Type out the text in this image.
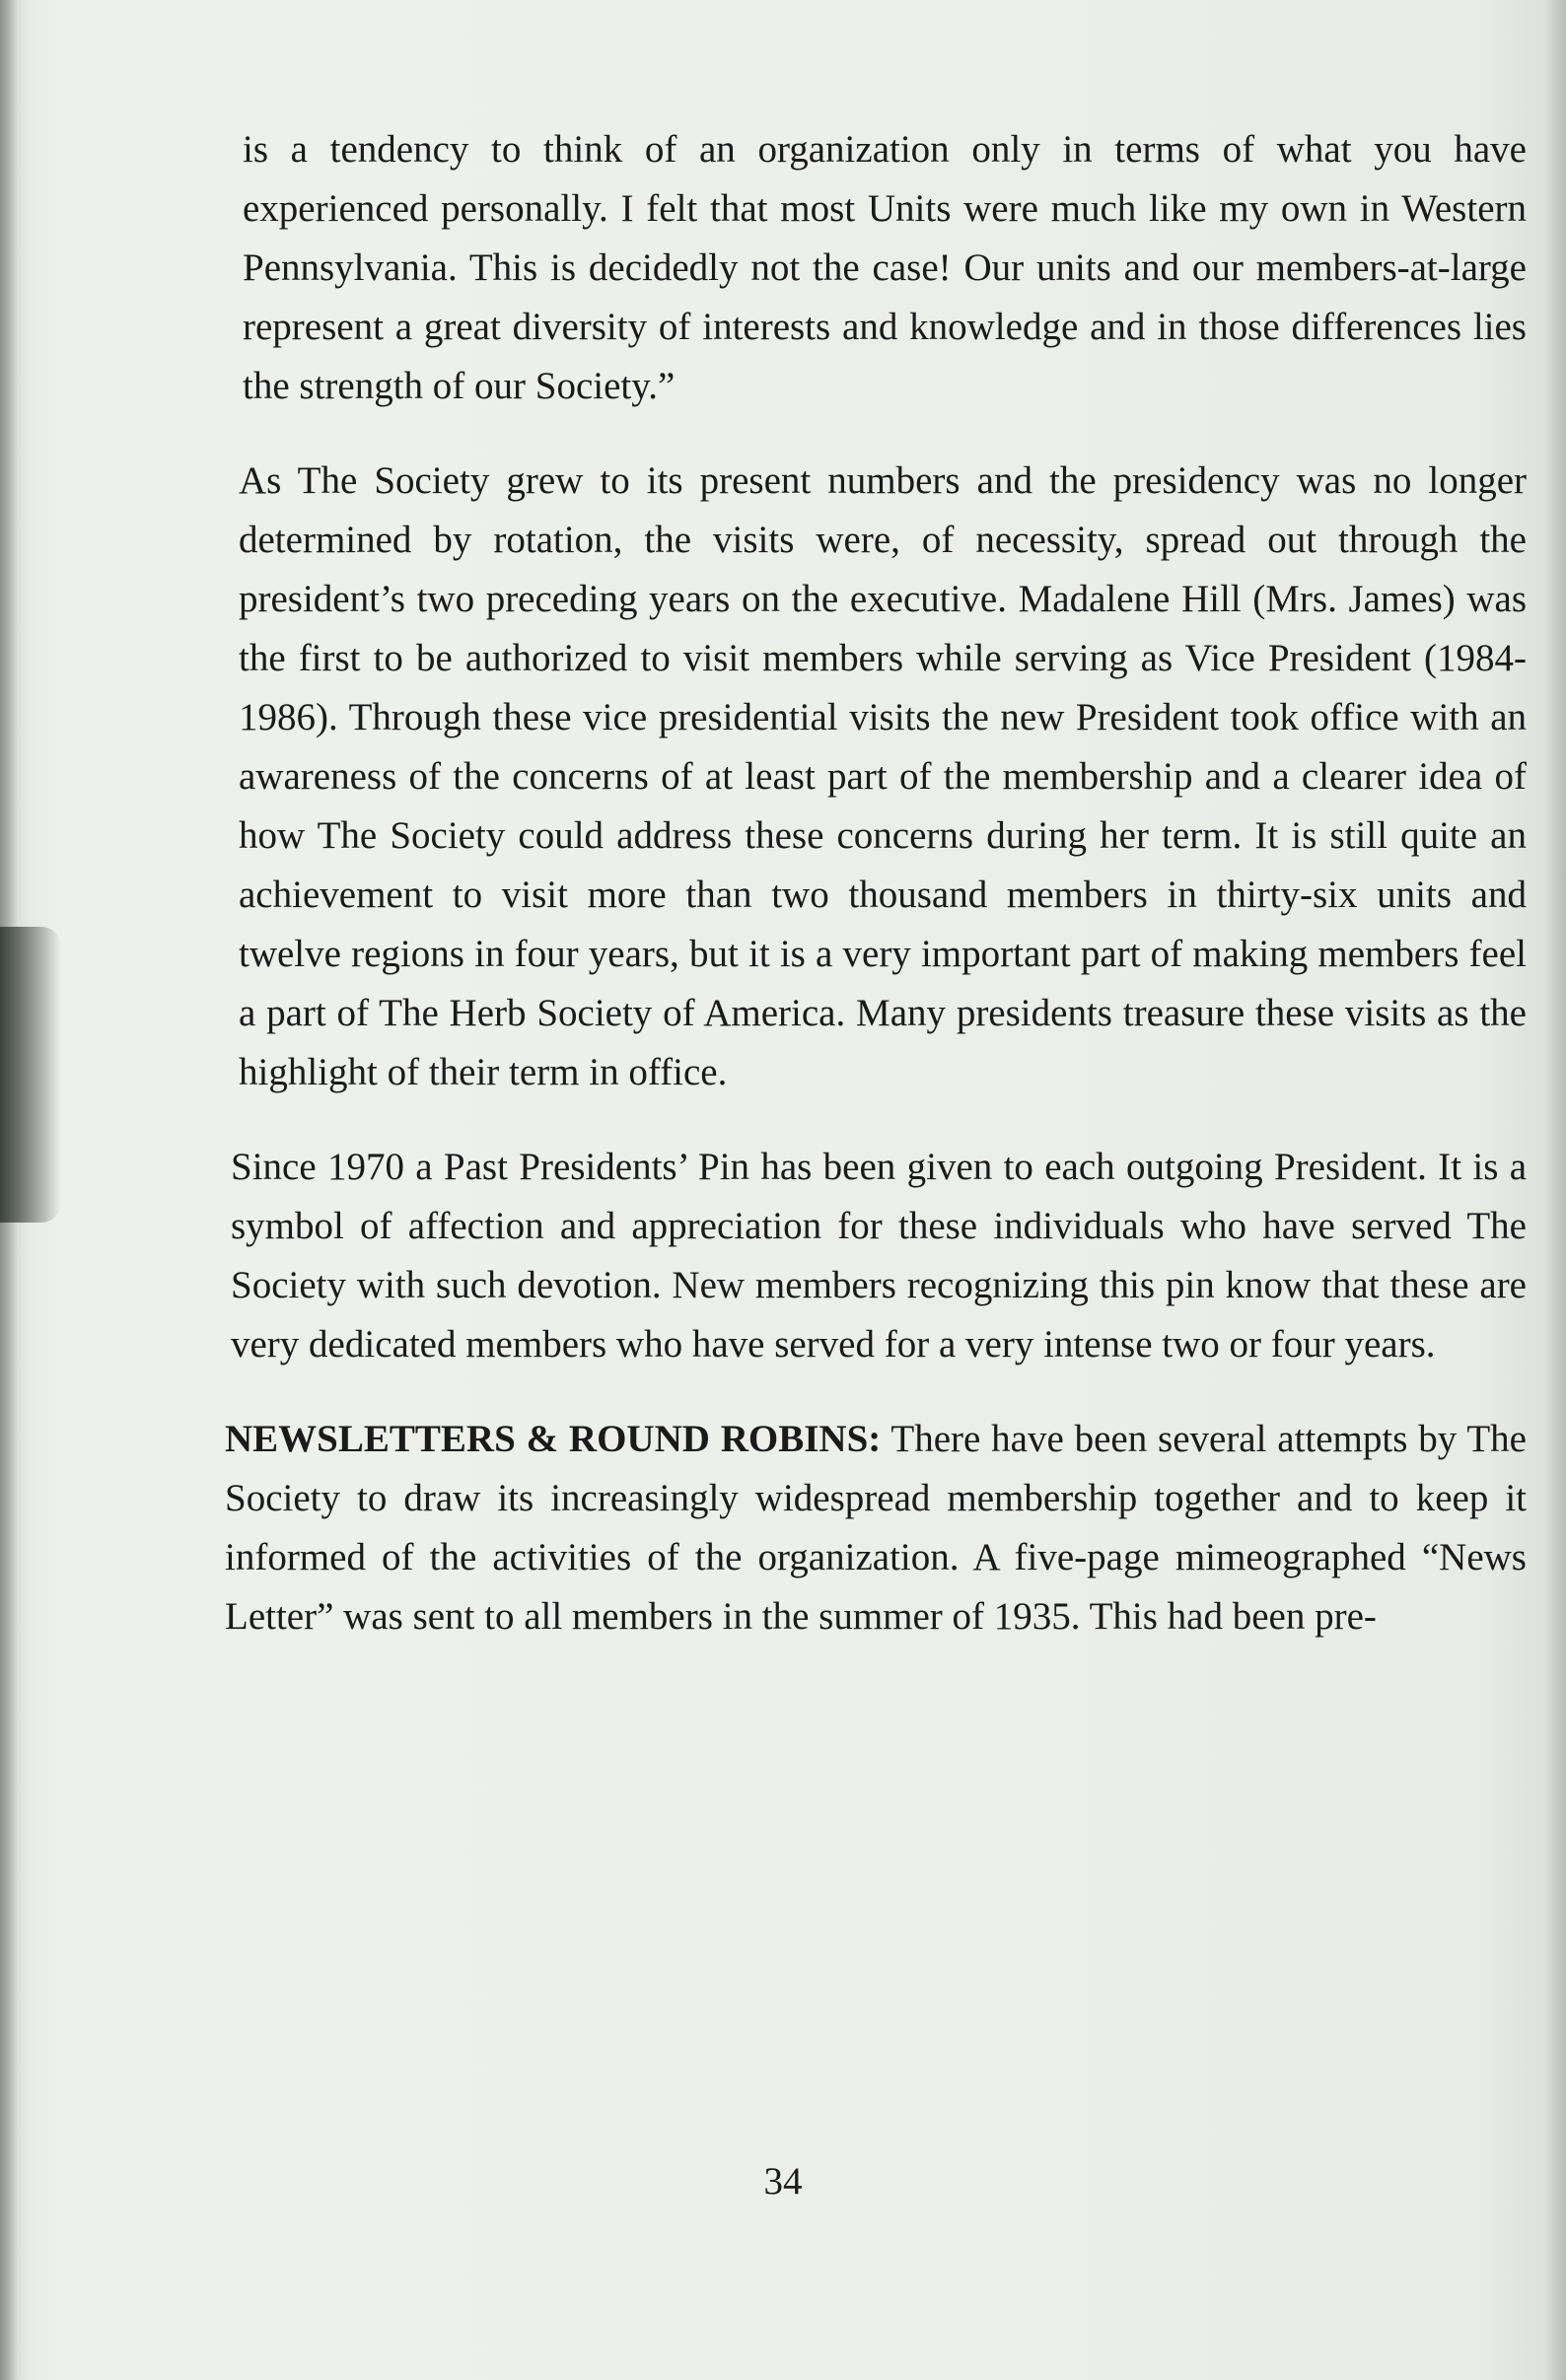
is a tendency to think of an organization only in terms of what you have experienced personally. I felt that most Units were much like my own in Western Pennsylvania. This is decidedly not the case! Our units and our members-at-large represent a great diversity of interests and knowledge and in those differences lies the strength of our Society.”

As The Society grew to its present numbers and the presidency was no longer determined by rotation, the visits were, of necessity, spread out through the president’s two preceding years on the executive. Madalene Hill (Mrs. James) was the first to be authorized to visit members while serving as Vice President (1984-1986). Through these vice presidential visits the new President took office with an awareness of the concerns of at least part of the membership and a clearer idea of how The Society could address these concerns during her term. It is still quite an achievement to visit more than two thousand members in thirty-six units and twelve regions in four years, but it is a very important part of making members feel a part of The Herb Society of America. Many presidents treasure these visits as the highlight of their term in office.

Since 1970 a Past Presidents’ Pin has been given to each outgoing President. It is a symbol of affection and appreciation for these individuals who have served The Society with such devotion. New members recognizing this pin know that these are very dedicated members who have served for a very intense two or four years.

NEWSLETTERS & ROUND ROBINS: There have been several attempts by The Society to draw its increasingly widespread membership together and to keep it informed of the activities of the organization. A five-page mimeographed “News Letter” was sent to all members in the summer of 1935. This had been pre-

34
